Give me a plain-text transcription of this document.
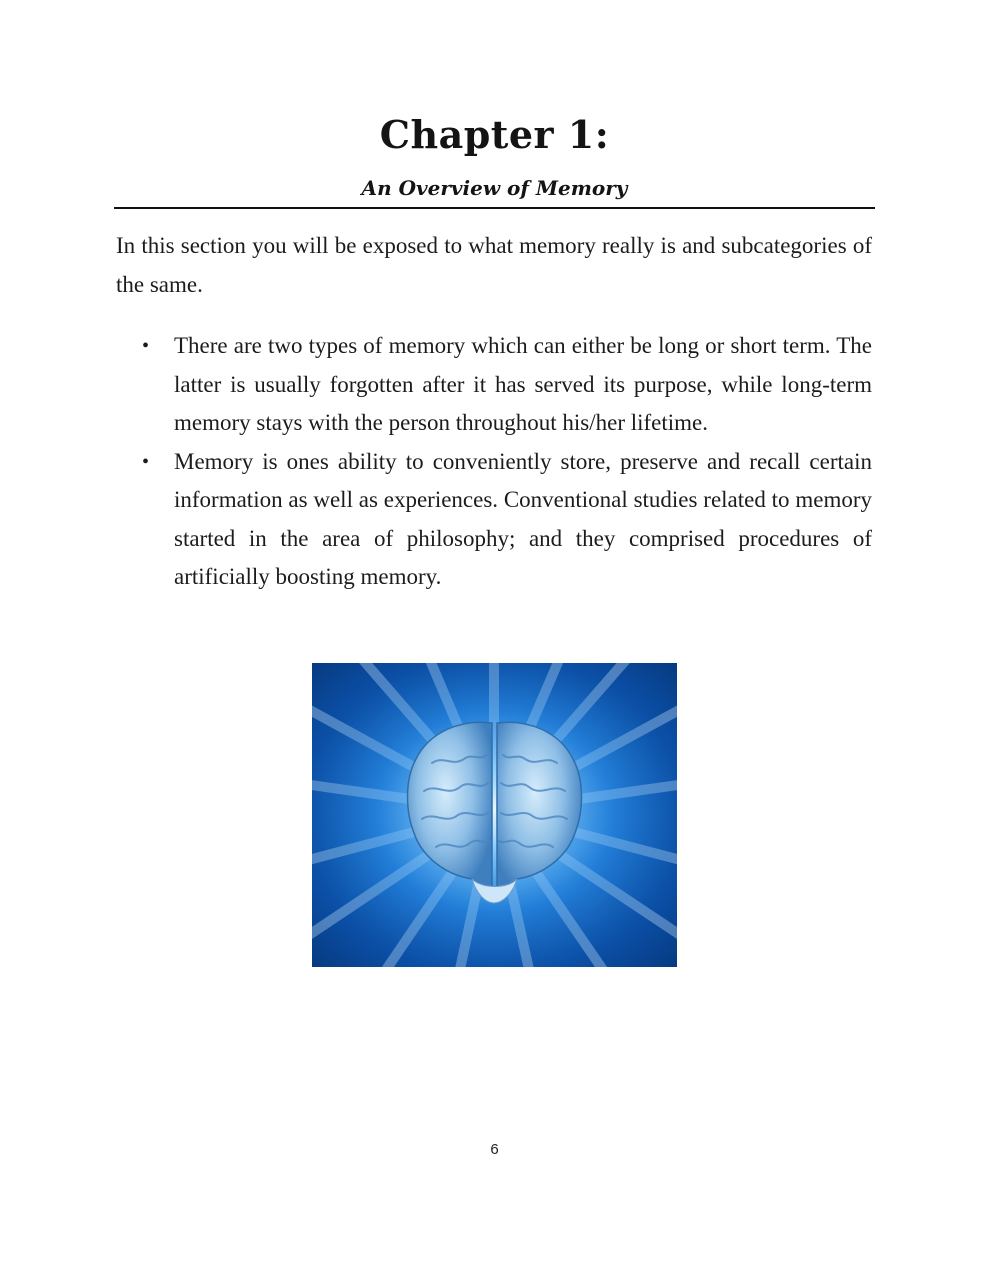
Chapter 1:
An Overview of Memory

In this section you will be exposed to what memory really is and subcategories of the same.

• There are two types of memory which can either be long or short term. The latter is usually forgotten after it has served its purpose, while long-term memory stays with the person throughout his/her lifetime.
• Memory is ones ability to conveniently store, preserve and recall certain information as well as experiences. Conventional studies related to memory started in the area of philosophy; and they comprised procedures of artificially boosting memory.
6
